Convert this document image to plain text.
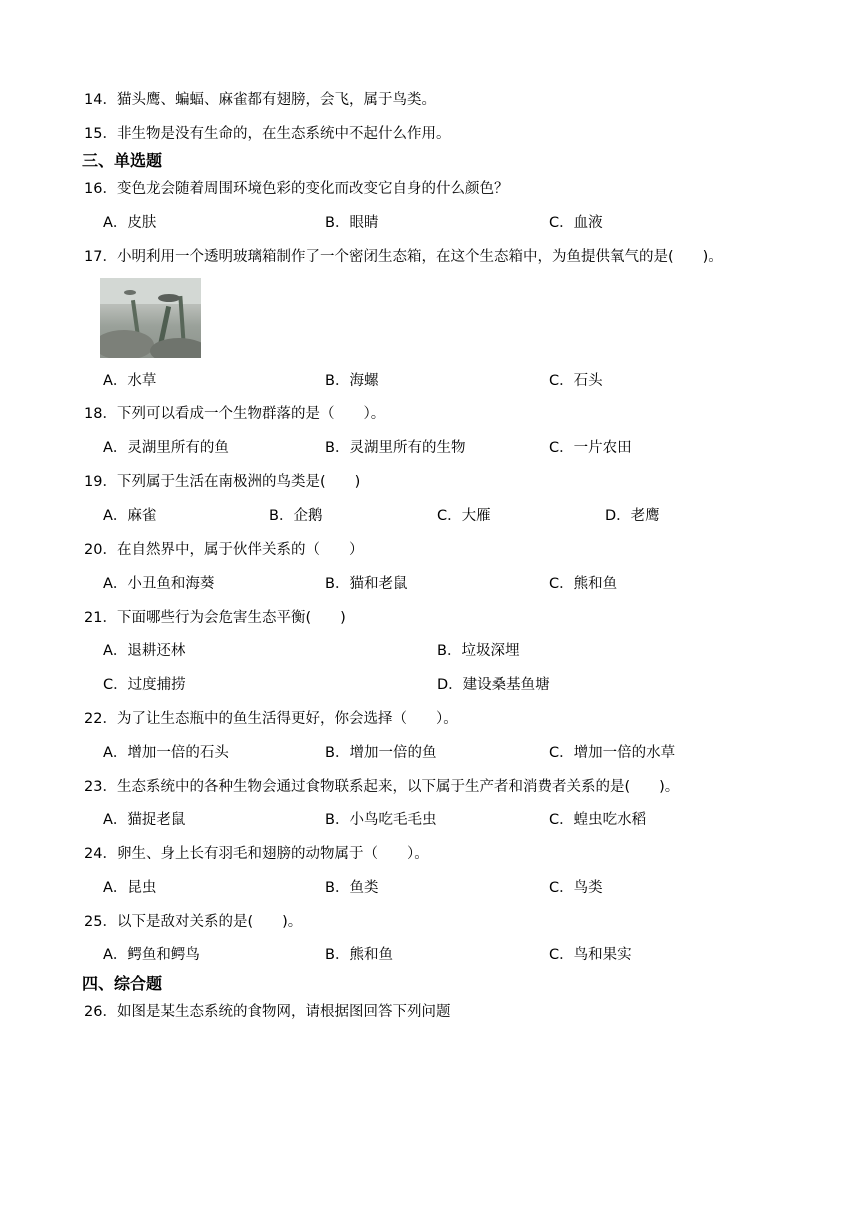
14．猫头鹰、蝙蝠、麻雀都有翅膀，会飞，属于鸟类。
15．非生物是没有生命的，在生态系统中不起什么作用。
三、单选题
16．变色龙会随着周围环境色彩的变化而改变它自身的什么颜色？
A．皮肤	B．眼睛	C．血液
17．小明利用一个透明玻璃箱制作了一个密闭生态箱，在这个生态箱中，为鱼提供氧气的是(　　)。
A．水草	B．海螺	C．石头
18．下列可以看成一个生物群落的是（　　）。
A．灵湖里所有的鱼	B．灵湖里所有的生物	C．一片农田
19．下列属于生活在南极洲的鸟类是(　　)
A．麻雀	B．企鹅	C．大雁	D．老鹰
20．在自然界中，属于伙伴关系的（　　）
A．小丑鱼和海葵	B．猫和老鼠	C．熊和鱼
21．下面哪些行为会危害生态平衡(　　)
A．退耕还林	B．垃圾深埋
C．过度捕捞	D．建设桑基鱼塘
22．为了让生态瓶中的鱼生活得更好，你会选择（　　）。
A．增加一倍的石头	B．增加一倍的鱼	C．增加一倍的水草
23．生态系统中的各种生物会通过食物联系起来，以下属于生产者和消费者关系的是(　　)。
A．猫捉老鼠	B．小鸟吃毛毛虫	C．蝗虫吃水稻
24．卵生、身上长有羽毛和翅膀的动物属于（　　）。
A．昆虫	B．鱼类	C．鸟类
25．以下是敌对关系的是(　　)。
A．鳄鱼和鳄鸟	B．熊和鱼	C．鸟和果实
四、综合题
26．如图是某生态系统的食物网，请根据图回答下列问题
